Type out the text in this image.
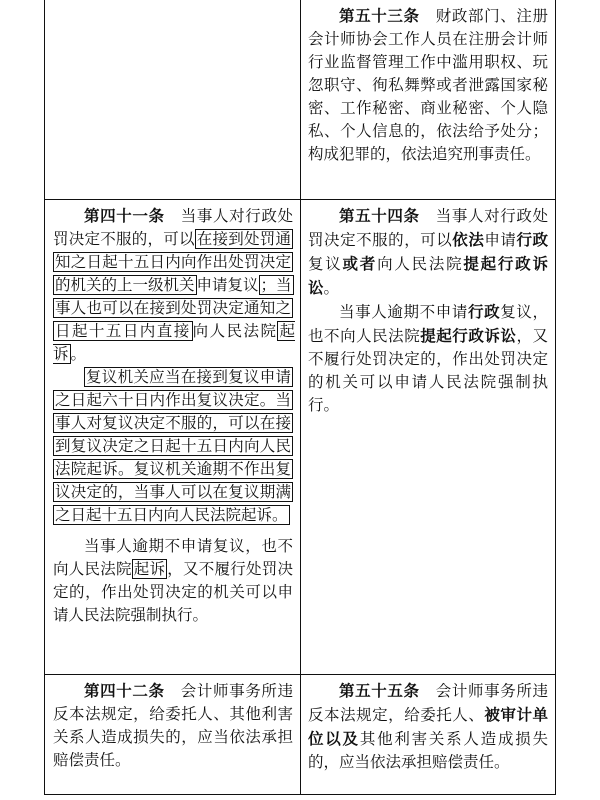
第五十三条　 财政部门、注册会计师协会工作人员在注册会计师行业监督管理工作中滥用职权、玩忽职守、徇私舞弊或者泄露国家秘密、工作秘密、商业秘密、个人隐私、个人信息的，依法给予处分；构成犯罪的，依法追究刑事责任。

第四十一条　 当事人对行政处罚决定不服的，可以 在接到处罚通知之日起十五日内向作出处罚决定的机关的上一级机关 申请复议 ；当事人也可以在接到处罚决定通知之日起十五日内直接 向人民法院 起诉 。

复议机关应当在接到复议申请之日起六十日内作出复议决定。当事人对复议决定不服的，可以在接到复议决定之日起十五日内向人民法院起诉。复议机关逾期不作出复议决定的，当事人可以在复议期满之日起十五日内向人民法院起诉。

当事人逾期不申请复议，也不向人民法院 起诉 ，又不履行处罚决定的，作出处罚决定的机关可以申请人民法院强制执行。

第五十四条　 当事人对行政处罚决定不服的，可以依法申请行政复议或者向人民法院提起行政诉讼。

当事人逾期不申请行政复议，也不向人民法院提起行政诉讼，又不履行处罚决定的，作出处罚决定的机关可以申请人民法院强制执行。

第四十二条　 会计师事务所违反本法规定，给委托人、其他利害关系人造成损失的，应当依法承担赔偿责任。

第五十五条　 会计师事务所违反本法规定，给委托人、被审计单位以及其他利害关系人造成损失的，应当依法承担赔偿责任。
